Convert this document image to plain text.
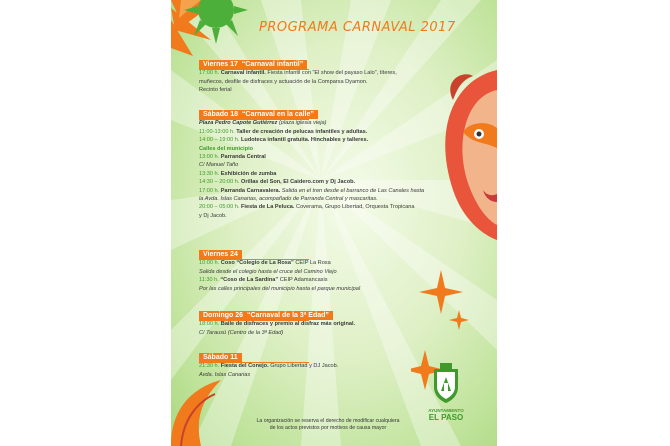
PROGRAMA CARNAVAL 2017
Viernes 17 “Carnaval infantil”
17:00 h. Carnaval infantil. Fiesta infantil con “El show del payaso Lalo”, títeres,
muñecos, desfile de disfraces y actuación de la Comparsa Dyamon.
Recinto ferial
Sábado 18 “Carnaval en la calle”
Plaza Pedro Capote Gutiérrez (plaza iglesia vieja)
11:00-13:00 h. Taller de creación de pelucas infantiles y adultas.
14:00 – 19:00 h. Ludoteca infantil gratuita. Hinchables y talleres.
Calles del municipio
13:00 h. Parranda Central
C/ Manuel Taño
13:30 h. Exhibición de zumba
14:30 – 20:00 h. Orillas del Son, El Caidero.com y Dj Jacob.
17:00 h. Parranda Carnavalera. Salida en el tren desde el barranco de Las Canales hasta
la Avda. Islas Canarias, acompañado de Parranda Central y mascaritas.
20:00 – 05:00 h. Fiesta de La Peluca. Coverama, Grupo Libertad, Orquesta Tropicana
y Dj Jacob.
Viernes 24
10:00 h. Coso “Colegio de La Rosa” CEIP La Rosa
Salida desde el colegio hasta el cruce del Camino Viejo
11:30 h. “Coso de La Sardina” CEIP Adamancasis
Por las calles principales del municipio hasta el parque municipal
Domingo 26 “Carnaval de la 3ª Edad”
18:00 h. Baile de disfraces y premio al disfraz más original.
C/ Tarausú (Centro de la 3ª Edad)
Sábado 11
21:30 h. Fiesta del Conejo. Grupo Libertad y DJ Jacob.
Avda. Islas Canarias
La organización se reserva el derecho de modificar cualquiera
de los actos previstos por motivos de causa mayor
AYUNTAMIENTO
EL PASO
